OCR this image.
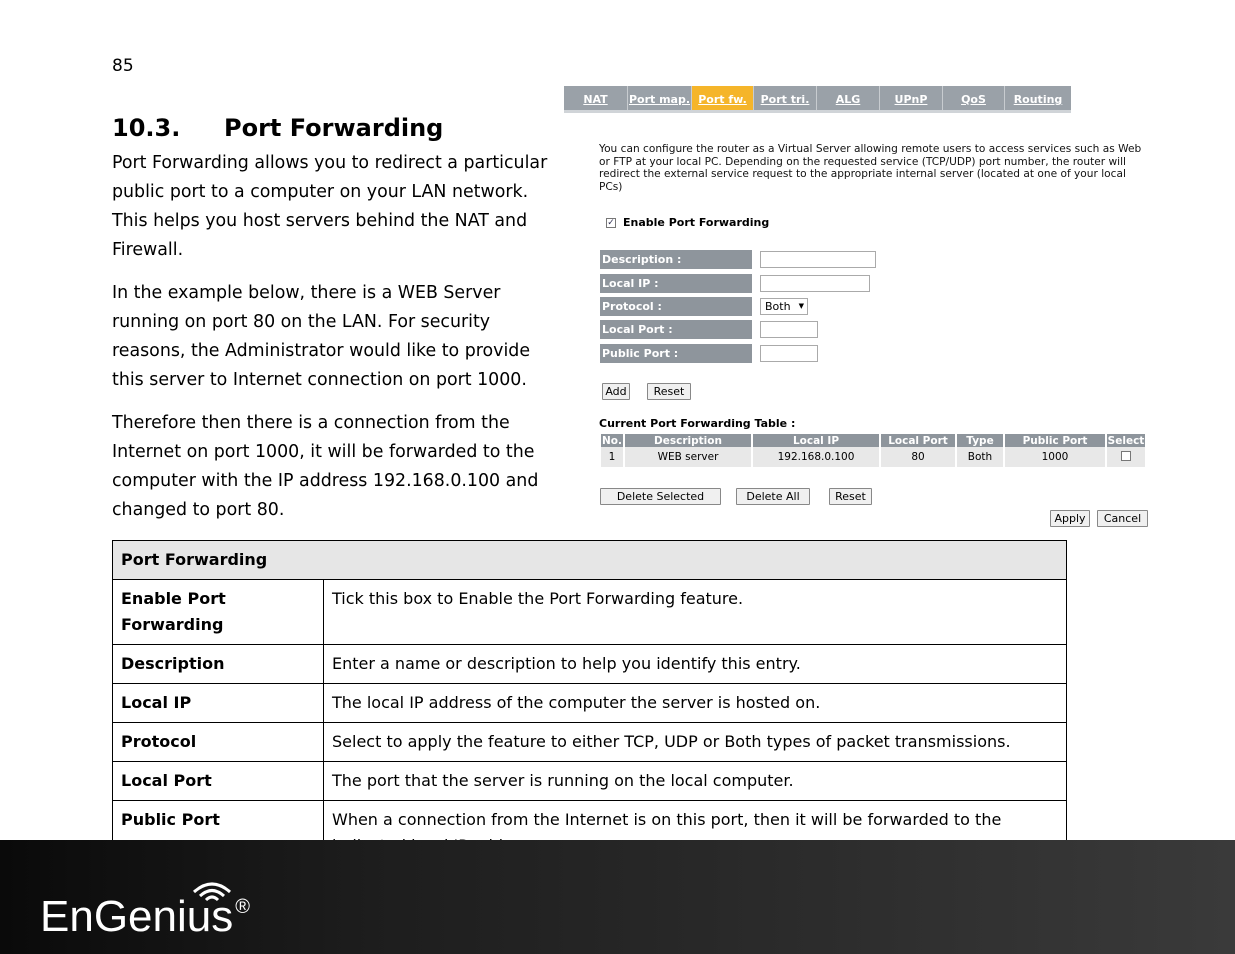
85
10.3. Port Forwarding
Port Forwarding allows you to redirect a particular public port to a computer on your LAN network. This helps you host servers behind the NAT and Firewall.
In the example below, there is a WEB Server running on port 80 on the LAN. For security reasons, the Administrator would like to provide this server to Internet connection on port 1000.
Therefore then there is a connection from the Internet on port 1000, it will be forwarded to the computer with the IP address 192.168.0.100 and changed to port 80.
NAT	Port map. Port fw.	Port tri.	ALG	UPnP	QoS	Routing
You can configure the router as a Virtual Server allowing remote users to access services such as Web or FTP at your local PC. Depending on the requested service (TCP/UDP) port number, the router will redirect the external service request to the appropriate internal server (located at one of your local PCs)
✓ Enable Port Forwarding
Description :
Local IP :
Protocol :	Both ▼
Local Port :
Public Port :
Add	Reset
Current Port Forwarding Table :
No.	Description	Local IP	Local Port	Type	Public Port	Select
1	WEB server	192.168.0.100	80	Both	1000	
Delete Selected	Delete All	Reset
Apply	Cancel
Port Forwarding	
Enable Port Forwarding	Tick this box to Enable the Port Forwarding feature.
Description	Enter a name or description to help you identify this entry.
Local IP	The local IP address of the computer the server is hosted on.
Protocol	Select to apply the feature to either TCP, UDP or Both types of packet transmissions.
Local Port	The port that the server is running on the local computer.
Public Port	When a connection from the Internet is on this port, then it will be forwarded to the
EnGenius ®
